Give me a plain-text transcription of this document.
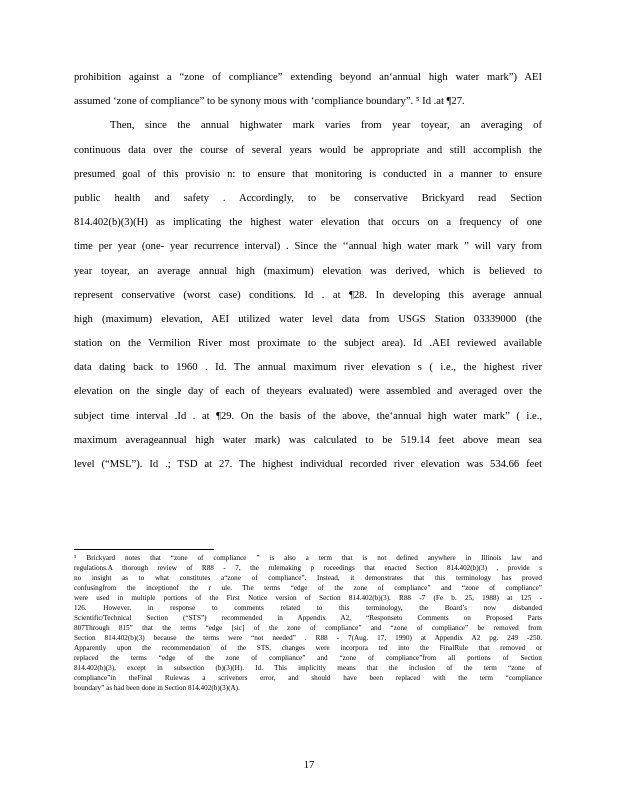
prohibition against a “zone of compliance” extending beyond an‘annual high water mark”) AEI
assumed ‘zone of compliance” to be synony mous with ‘compliance boundary”. ⁵ Id .at ¶27.
Then, since the annual highwater mark varies from year toyear, an averaging of
continuous data over the course of several years would be appropriate and still accomplish the
presumed goal of this provisio n: to ensure that monitoring is conducted in a manner to ensure
public health and safety . Accordingly, to be conservative Brickyard read Section
814.402(b)(3)(H) as implicating the highest water elevation that occurs on a frequency of one
time per year (one- year recurrence interval) . Since the ‘‘annual high water mark ” will vary from
year toyear, an average annual high (maximum) elevation was derived, which is believed to
represent conservative (worst case) conditions. Id . at ¶28. In developing this average annual
high (maximum) elevation, AEI utilized water level data from USGS Station 03339000 (the
station on the Vermilion River most proximate to the subject area). Id .AEI reviewed available
data dating back to 1960 . Id. The annual maximum river elevation s ( i.e., the highest river
elevation on the single day of each of theyears evaluated) were assembled and averaged over the
subject time interval .Id . at ¶29. On the basis of the above, the‘annual high water mark” ( i.e.,
maximum averageannual high water mark) was calculated to be 519.14 feet above mean sea
level (“MSL”). Id .; TSD at 27. The highest individual recorded river elevation was 534.66 feet
⁵ Brickyard notes that “zone of compliance ” is also a term that is not defined anywhere in Illinois law and
regulations.A thorough review of R88 - 7, the rulemaking p roceedings that enacted Section 814.402(b)(3) , provide s
no insight as to what constitutes a“zone of compliance”. Instead, it demonstrates that this terminology has proved
confusingfrom the inceptionof the r ule. The terms “edge of the zone of compliance” and “zone of compliance”
were used in multiple portions of the First Notice version of Section 814.402(b)(3). R88 -7 (Fe b. 25, 1988) at 125 -
126. However, in response to comments related to this terminology, the Board’s now disbanded
Scientific/Technical Section (“STS”) recommended in Appendix A2, “Responseto Comments on Proposed Parts
807Through 815” that the terms “edge [sic] of the zone of compliance” and “zone of compliance” be removed from
Section 814.402(b)(3) because the terms were “not needed” . R88 - 7(Aug. 17, 1990) at Appendix A2 pg. 249 -250.
Apparently upon the recommendation of the STS, changes were incorpora ted into the FinalRule that removed or
replaced the terms “edge of the zone of compliance” and “zone of compliance”from all portions of Section
814.402(b)(3), except in subsection (b)(3)(H). Id. This implicitly means that the inclusion of the term “zone of
compliance”in theFinal Rulewas a scriveners error, and should have been replaced with the term “compliance
boundary” as had been done in Section 814.402(b)(3)(A).
17
